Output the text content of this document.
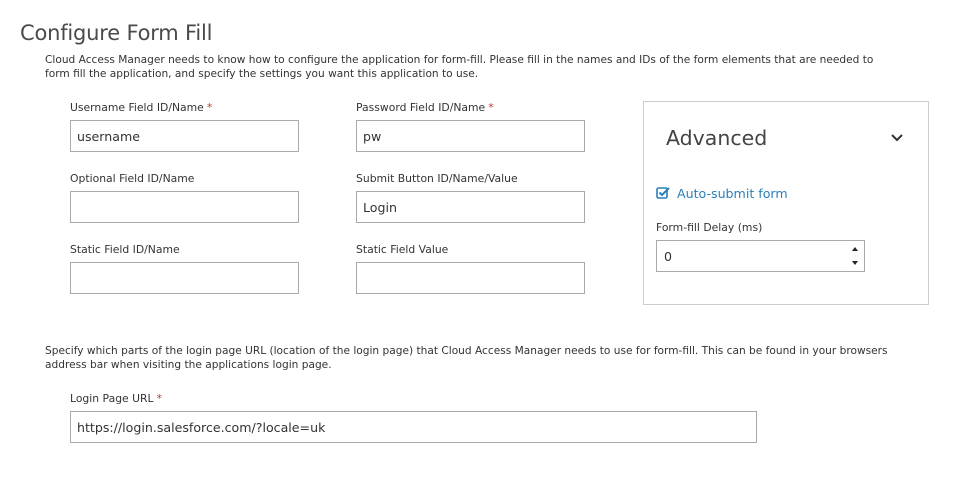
Configure Form Fill
Cloud Access Manager needs to know how to configure the application for form-fill. Please fill in the names and IDs of the form elements that are needed to
form fill the application, and specify the settings you want this application to use.
Username Field ID/Name *
username
Password Field ID/Name *
pw
Optional Field ID/Name	Submit Button ID/Name/Value
Login
Static Field ID/Name	Static Field Value
Advanced
Auto-submit form
Form-fill Delay (ms)
0
Specify which parts of the login page URL (location of the login page) that Cloud Access Manager needs to use for form-fill. This can be found in your browsers
address bar when visiting the applications login page.
Login Page URL *
https://login.salesforce.com/?locale=uk
